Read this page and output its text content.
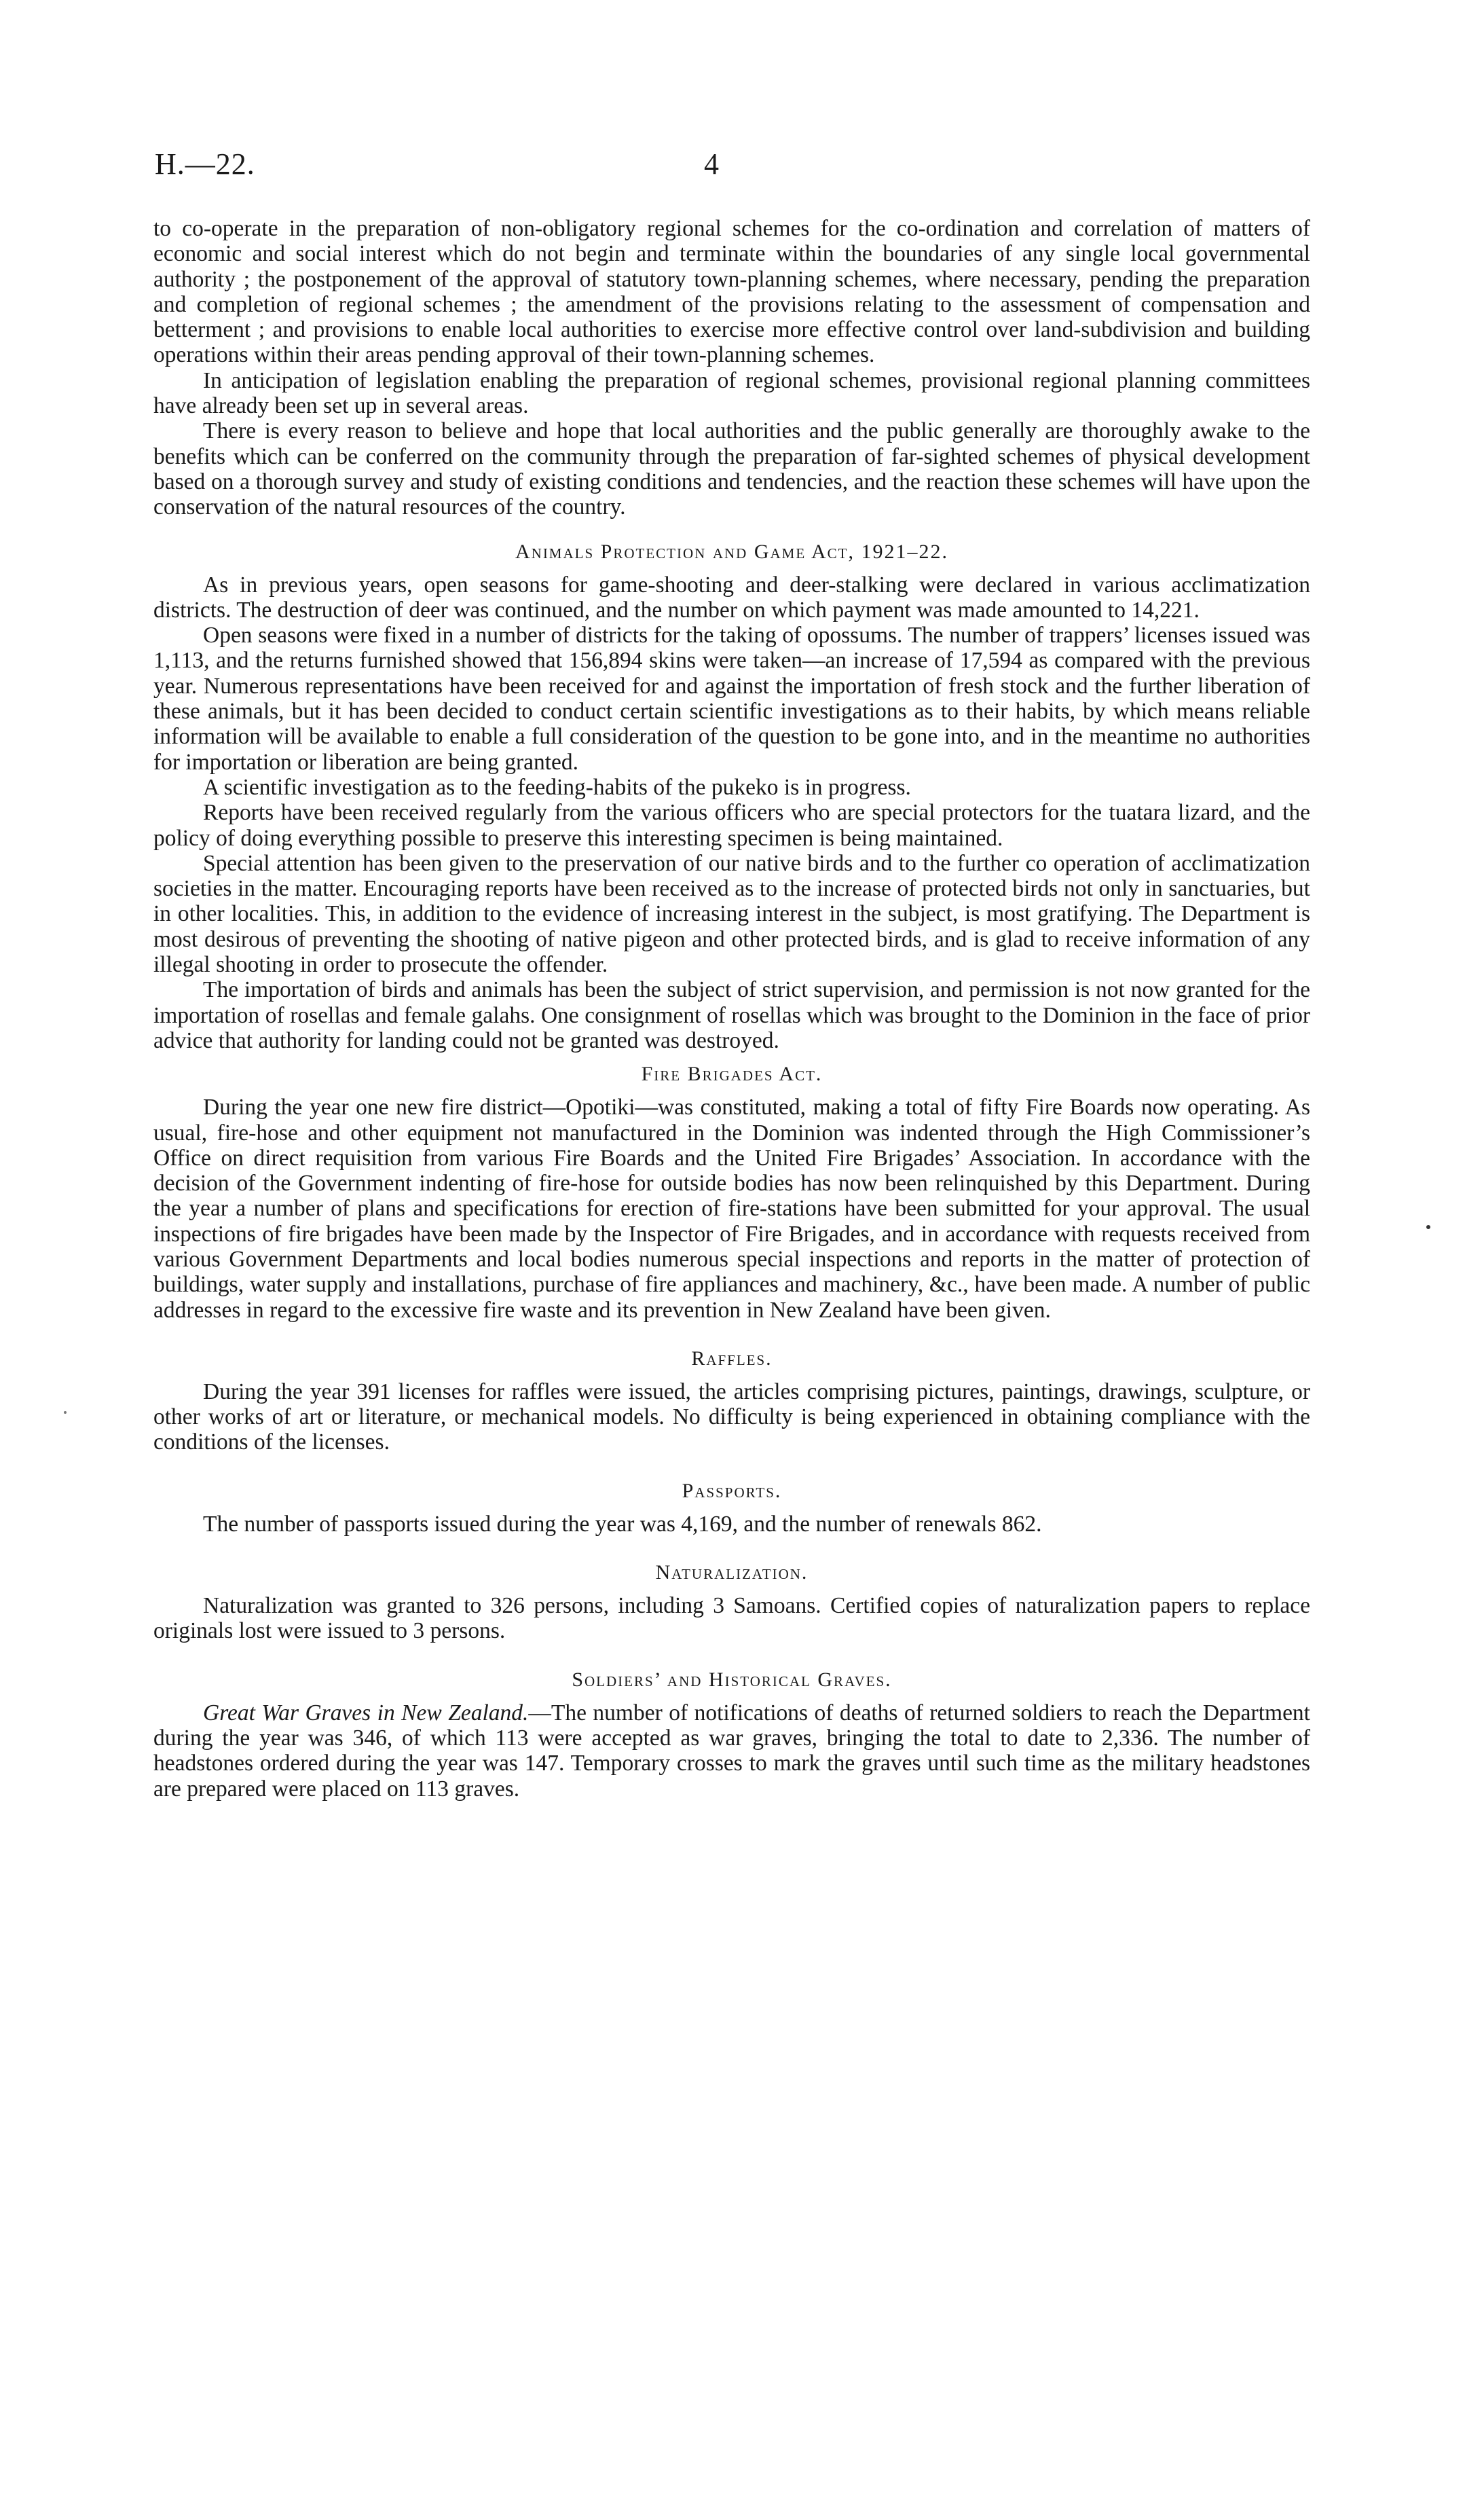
H.—22.	4

to co-operate in the preparation of non-obligatory regional schemes for the co-ordination and correlation of matters of economic and social interest which do not begin and terminate within the boundaries of any single local governmental authority ; the postponement of the approval of statutory town-planning schemes, where necessary, pending the preparation and completion of regional schemes ; the amendment of the provisions relating to the assessment of compensation and betterment ; and provisions to enable local authorities to exercise more effective control over land-subdivision and building operations within their areas pending approval of their town-planning schemes.

In anticipation of legislation enabling the preparation of regional schemes, provisional regional planning committees have already been set up in several areas.

There is every reason to believe and hope that local authorities and the public generally are thoroughly awake to the benefits which can be conferred on the community through the preparation of far-sighted schemes of physical development based on a thorough survey and study of existing conditions and tendencies, and the reaction these schemes will have upon the conservation of the natural resources of the country.

Animals Protection and Game Act, 1921–22.

As in previous years, open seasons for game-shooting and deer-stalking were declared in various acclimatization districts. The destruction of deer was continued, and the number on which payment was made amounted to 14,221.

Open seasons were fixed in a number of districts for the taking of opossums. The number of trappers’ licenses issued was 1,113, and the returns furnished showed that 156,894 skins were taken—an increase of 17,594 as compared with the previous year. Numerous representations have been received for and against the importation of fresh stock and the further liberation of these animals, but it has been decided to conduct certain scientific investigations as to their habits, by which means reliable information will be available to enable a full consideration of the question to be gone into, and in the meantime no authorities for importation or liberation are being granted.

A scientific investigation as to the feeding-habits of the pukeko is in progress.

Reports have been received regularly from the various officers who are special protectors for the tuatara lizard, and the policy of doing everything possible to preserve this interesting specimen is being maintained.

Special attention has been given to the preservation of our native birds and to the further co operation of acclimatization societies in the matter. Encouraging reports have been received as to the increase of protected birds not only in sanctuaries, but in other localities. This, in addition to the evidence of increasing interest in the subject, is most gratifying. The Department is most desirous of preventing the shooting of native pigeon and other protected birds, and is glad to receive information of any illegal shooting in order to prosecute the offender.

The importation of birds and animals has been the subject of strict supervision, and permission is not now granted for the importation of rosellas and female galahs. One consignment of rosellas which was brought to the Dominion in the face of prior advice that authority for landing could not be granted was destroyed.

Fire Brigades Act.

During the year one new fire district—Opotiki—was constituted, making a total of fifty Fire Boards now operating. As usual, fire-hose and other equipment not manufactured in the Dominion was indented through the High Commissioner’s Office on direct requisition from various Fire Boards and the United Fire Brigades’ Association. In accordance with the decision of the Government indenting of fire-hose for outside bodies has now been relinquished by this Department. During the year a number of plans and specifications for erection of fire-stations have been submitted for your approval. The usual inspections of fire brigades have been made by the Inspector of Fire Brigades, and in accordance with requests received from various Government Departments and local bodies numerous special inspections and reports in the matter of protection of buildings, water supply and installations, purchase of fire appliances and machinery, &c., have been made. A number of public addresses in regard to the excessive fire waste and its prevention in New Zealand have been given.

Raffles.

During the year 391 licenses for raffles were issued, the articles comprising pictures, paintings, drawings, sculpture, or other works of art or literature, or mechanical models. No difficulty is being experienced in obtaining compliance with the conditions of the licenses.

Passports.

The number of passports issued during the year was 4,169, and the number of renewals 862.

Naturalization.

Naturalization was granted to 326 persons, including 3 Samoans. Certified copies of naturalization papers to replace originals lost were issued to 3 persons.

Soldiers’ and Historical Graves.

Great War Graves in New Zealand.—The number of notifications of deaths of returned soldiers to reach the Department during the year was 346, of which 113 were accepted as war graves, bringing the total to date to 2,336. The number of headstones ordered during the year was 147. Temporary crosses to mark the graves until such time as the military headstones are prepared were placed on 113 graves.
